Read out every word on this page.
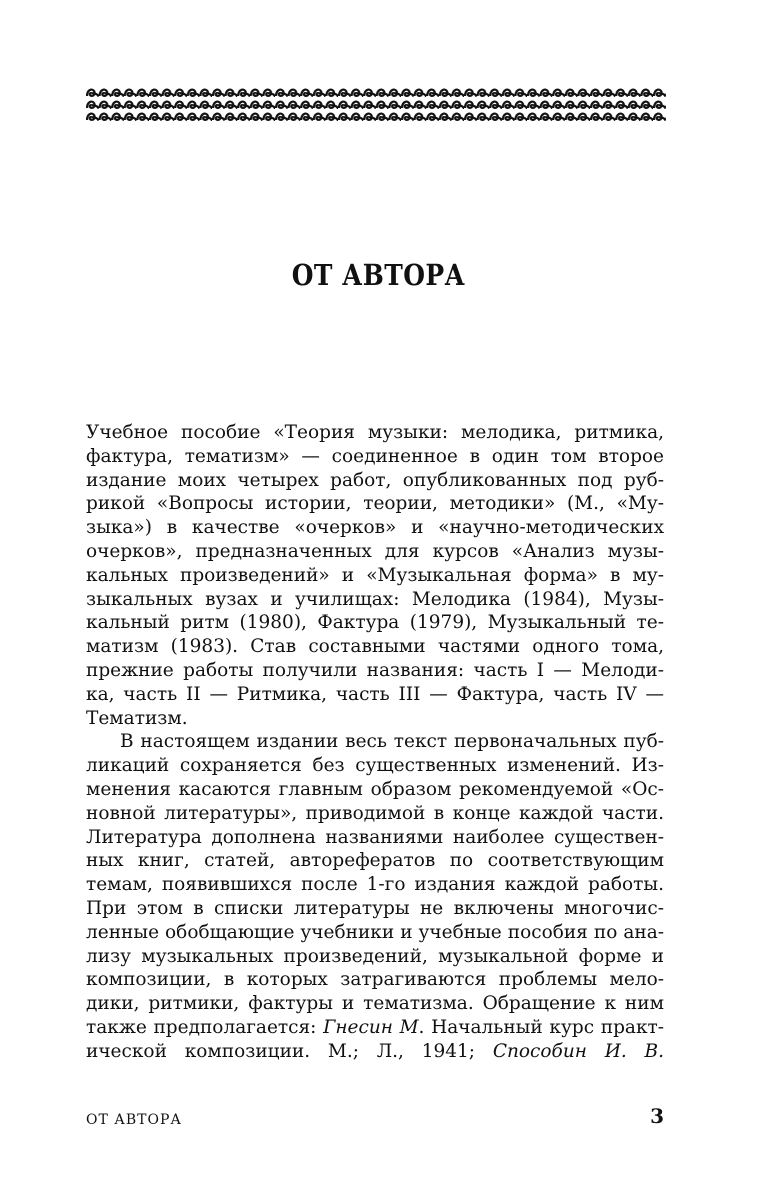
ОТ АВТОРА
Учебное пособие «Теория музыки: мелодика, ритмика,
фактура, тематизм» — соединенное в один том второе
издание моих четырех работ, опубликованных под руб-
рикой «Вопросы истории, теории, методики» (М., «Му-
зыка») в качестве «очерков» и «научно-методических
очерков», предназначенных для курсов «Анализ музы-
кальных произведений» и «Музыкальная форма» в му-
зыкальных вузах и училищах: Мелодика (1984), Музы-
кальный ритм (1980), Фактура (1979), Музыкальный те-
матизм (1983). Став составными частями одного тома,
прежние работы получили названия: часть I — Мелоди-
ка, часть II — Ритмика, часть III — Фактура, часть IV —
Тематизм.
В настоящем издании весь текст первоначальных пуб-
ликаций сохраняется без существенных изменений. Из-
менения касаются главным образом рекомендуемой «Ос-
новной литературы», приводимой в конце каждой части.
Литература дополнена названиями наиболее существен-
ных книг, статей, авторефератов по соответствующим
темам, появившихся после 1-го издания каждой работы.
При этом в списки литературы не включены многочис-
ленные обобщающие учебники и учебные пособия по ана-
лизу музыкальных произведений, музыкальной форме и
композиции, в которых затрагиваются проблемы мело-
дики, ритмики, фактуры и тематизма. Обращение к ним
также предполагается: Гнесин М. Начальный курс практ-
ической композиции. М.; Л., 1941; Способин И. В.
ОТ АВТОРА	3
